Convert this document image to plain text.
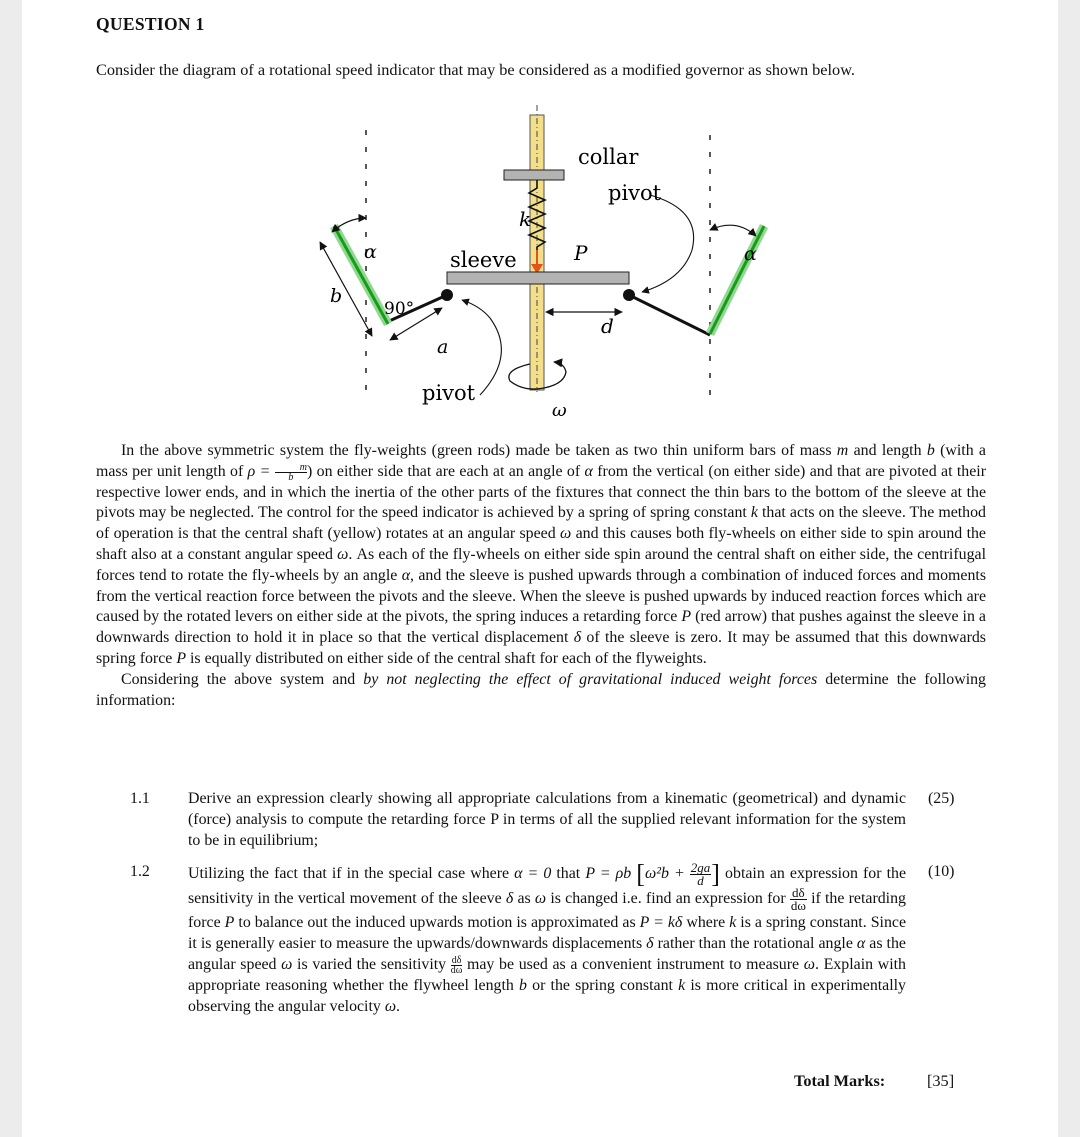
QUESTION 1
Consider the diagram of a rotational speed indicator that may be considered as a modified governor as shown below.
collar
pivot
k
sleeve	P
α	α
b
90°
a
d
pivot
ω

In the above symmetric system the fly-weights (green rods) made be taken as two thin uniform bars of mass m and length b (with a mass per unit length of $\rho = \frac{m}{b}$) on either side that are each at an angle of α from the vertical (on either side) and that are pivoted at their respective lower ends, and in which the inertia of the other parts of the fixtures that connect the thin bars to the bottom of the sleeve at the pivots may be neglected. The control for the speed indicator is achieved by a spring of spring constant k that acts on the sleeve. The method of operation is that the central shaft (yellow) rotates at an angular speed ω and this causes both fly-wheels on either side to spin around the shaft also at a constant angular speed ω. As each of the fly-wheels on either side spin around the central shaft on either side, the centrifugal forces tend to rotate the fly-wheels by an angle α, and the sleeve is pushed upwards through a combination of induced forces and moments from the vertical reaction force between the pivots and the sleeve. When the sleeve is pushed upwards by induced reaction forces which are caused by the rotated levers on either side at the pivots, the spring induces a retarding force P (red arrow) that pushes against the sleeve in a downwards direction to hold it in place so that the vertical displacement δ of the sleeve is zero. It may be assumed that this downwards spring force P is equally distributed on either side of the central shaft for each of the flyweights.

Considering the above system and by not neglecting the effect of gravitational induced weight forces determine the following information:

1.1 Derive an expression clearly showing all appropriate calculations from a kinematic (geometrical) and dynamic (force) analysis to compute the retarding force P in terms of all the supplied relevant information for the system to be in equilibrium;
(25)
1.2 Utilizing the fact that if in the special case where α = 0 that P = ρb [$\omega^2b + \frac{2ga}{d}$ ] obtain an expression for the sensitivity in the vertical movement of the sleeve δ as ω is changed i.e. find an expression for $\frac{d\delta}{d\omega}$ if the retarding force P to balance out the induced upwards motion is approximated as P = kδ where k is a spring constant. Since it is generally easier to measure the upwards/downwards displacements δ rather than the rotational angle α as the angular speed ω is varied the sensitivity $\frac{d\delta}{d\omega}$ may be used as a convenient instrument to measure ω. Explain with appropriate reasoning whether the flywheel length b or the spring constant k is more critical in experimentally observing the angular velocity ω.
(10)
Total Marks:	[35]
